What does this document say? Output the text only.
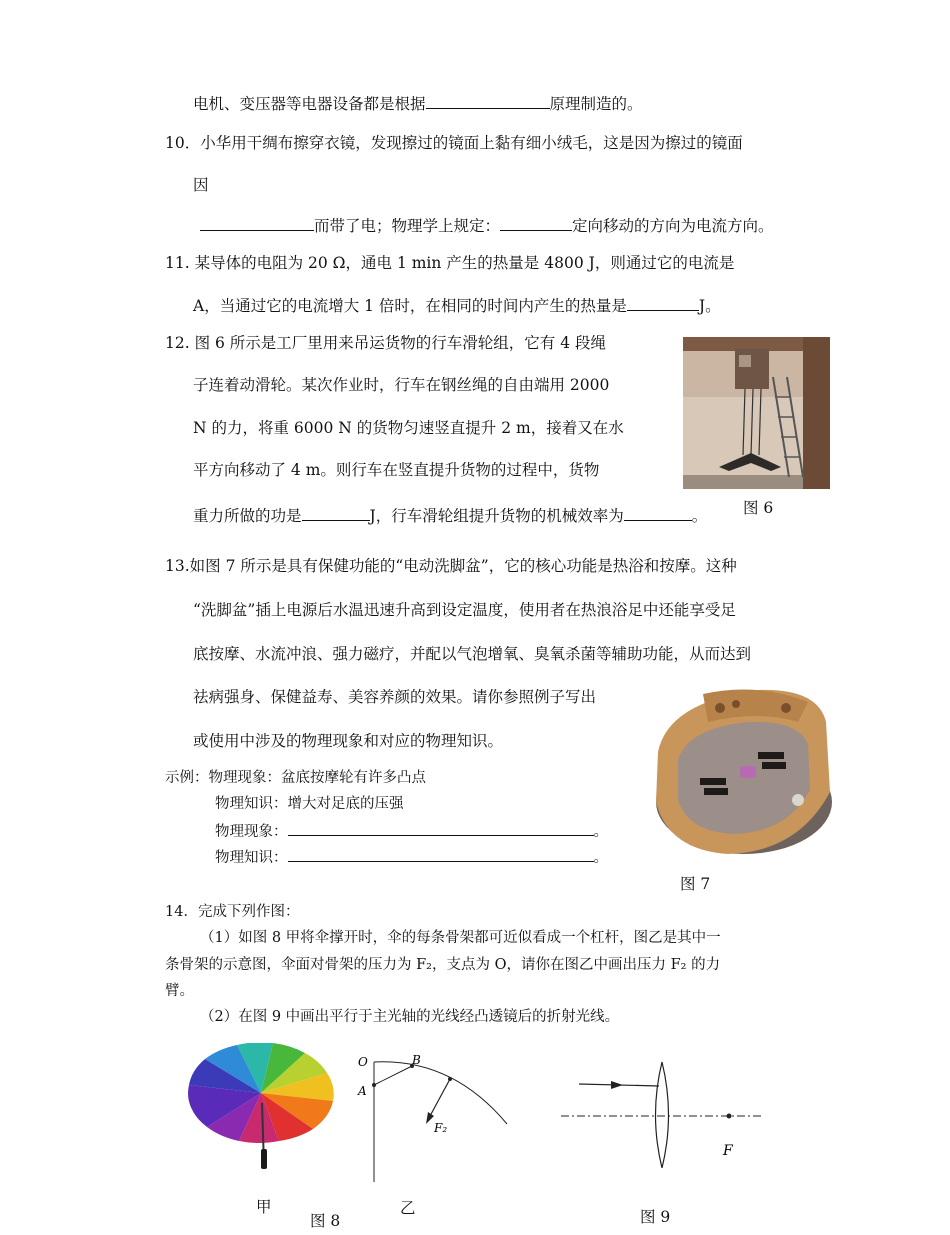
电机、变压器等电器设备都是根据	原理制造的。
10．小华用干绸布擦穿衣镜，发现擦过的镜面上黏有细小绒毛，这是因为擦过的镜面
因
而带了电；物理学上规定：	定向移动的方向为电流方向。
11. 某导体的电阻为 20 Ω，通电 1 min 产生的热量是 4800 J，则通过它的电流是
A，当通过它的电流增大 1 倍时，在相同的时间内产生的热量是	J。
12. 图 6 所示是工厂里用来吊运货物的行车滑轮组，它有 4 段绳
子连着动滑轮。某次作业时，行车在钢丝绳的自由端用 2000
N 的力，将重 6000 N 的货物匀速竖直提升 2 m，接着又在水
平方向移动了 4 m。则行车在竖直提升货物的过程中，货物
重力所做的功是	J，行车滑轮组提升货物的机械效率为	。 图 6
13.如图 7 所示是具有保健功能的“电动洗脚盆”，它的核心功能是热浴和按摩。这种
“洗脚盆”插上电源后水温迅速升高到设定温度，使用者在热浪浴足中还能享受足
底按摩、水流冲浪、强力磁疗，并配以气泡增氧、臭氧杀菌等辅助功能，从而达到
祛病强身、保健益寿、美容养颜的效果。请你参照例子写出
或使用中涉及的物理现象和对应的物理知识。
示例：物理现象：盆底按摩轮有许多凸点
物理知识：增大对足底的压强
物理现象：	。
物理知识：	。
图 7
14．完成下列作图：
（1）如图 8 甲将伞撑开时，伞的每条骨架都可近似看成一个杠杆，图乙是其中一
条骨架的示意图，伞面对骨架的压力为 F₂，支点为 O，请你在图乙中画出压力 F₂ 的力
臂。
（2）在图 9 中画出平行于主光轴的光线经凸透镜后的折射光线。
甲
O
A
B
F₂
乙
图 8
F
图 9
